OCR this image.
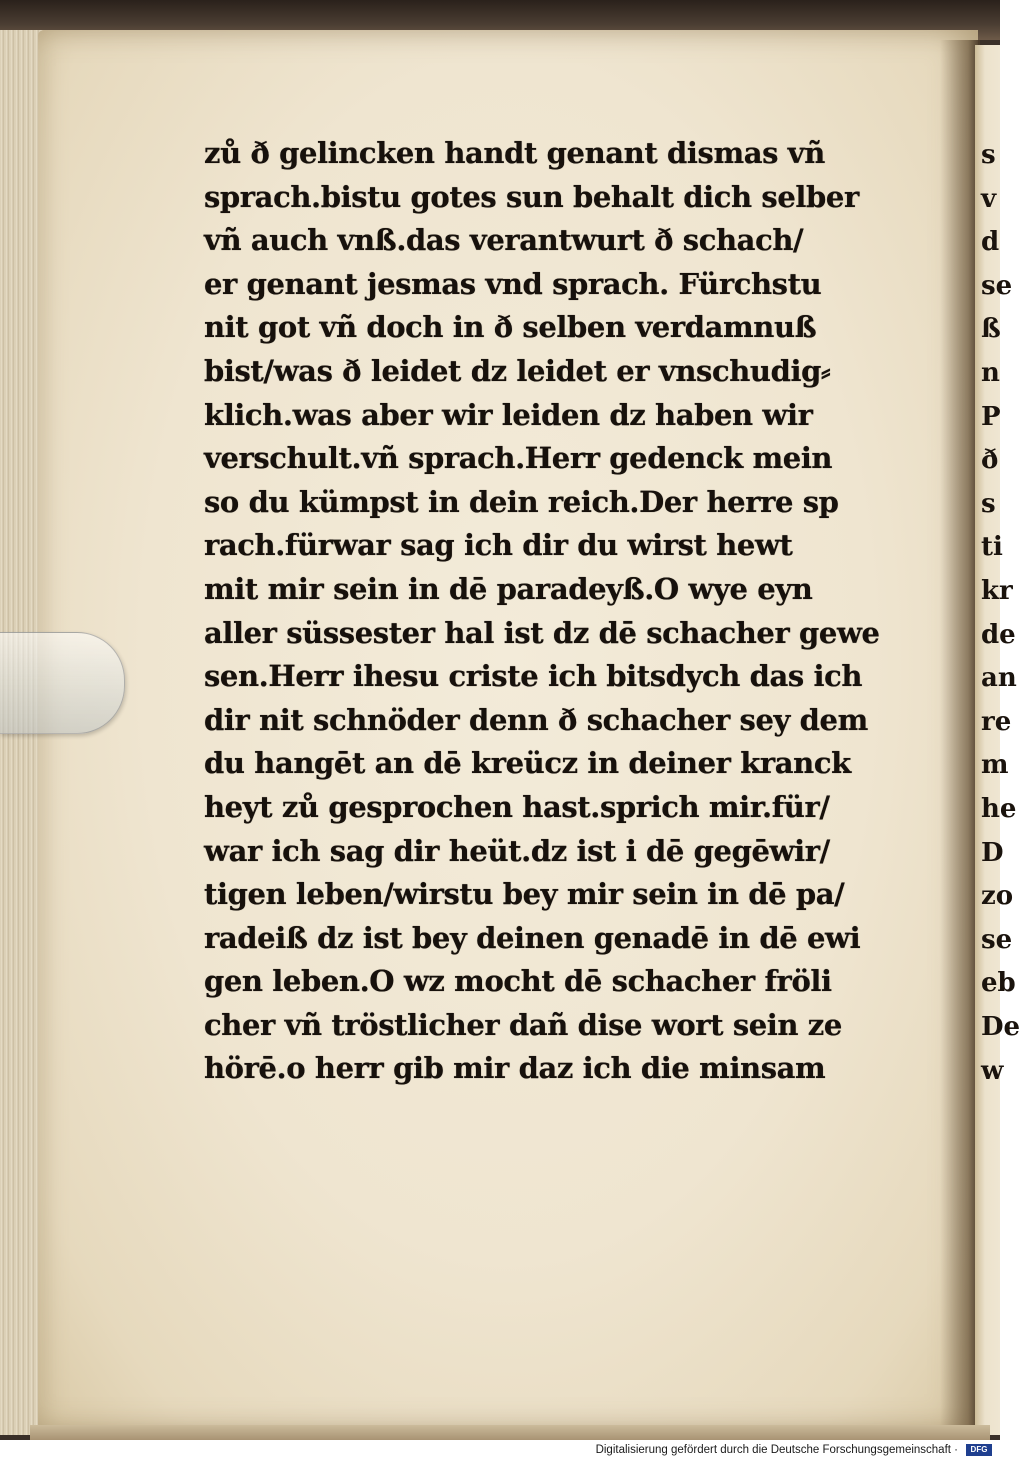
s
v
d
se
ß
n
P
ð
s
ti
kr
de
an
re
m
he
D
zo
se
eb
De
w
zů ð gelincken handt genant dismas vñ
sprach.bistu gotes sun behalt dich selber
vñ auch vnß.das verantwurt ð schach/
er genant jesmas vnd sprach. Fürchstu
nit got vñ doch in ð selben verdamnuß
bist/was ð leidet dz leidet er vnschudig⸗
klich.was aber wir leiden dz haben wir
verschult.vñ sprach.Herr gedenck mein
so du kümpst in dein reich.Der herre sp
rach.fürwar sag ich dir du wirst hewt
mit mir sein in dē paradeyß.O wye eyn
aller süssester hal ist dz dē schacher gewe
sen.Herr ihesu criste ich bitsdych das ich
dir nit schnöder denn ð schacher sey dem
du hangēt an dē kreücz in deiner kranck
heyt zů gesprochen hast.sprich mir.für/
war ich sag dir heüt.dz ist i dē gegēwir/
tigen leben/wirstu bey mir sein in dē pa/
radeiß dz ist bey deinen genadē in dē ewi
gen leben.O wz mocht dē schacher fröli
cher vñ tröstlicher dañ dise wort sein ze
hörē.o herr gib mir daz ich die minsam
Digitalisierung gefördert durch die Deutsche Forschungsgemeinschaft · DFG
